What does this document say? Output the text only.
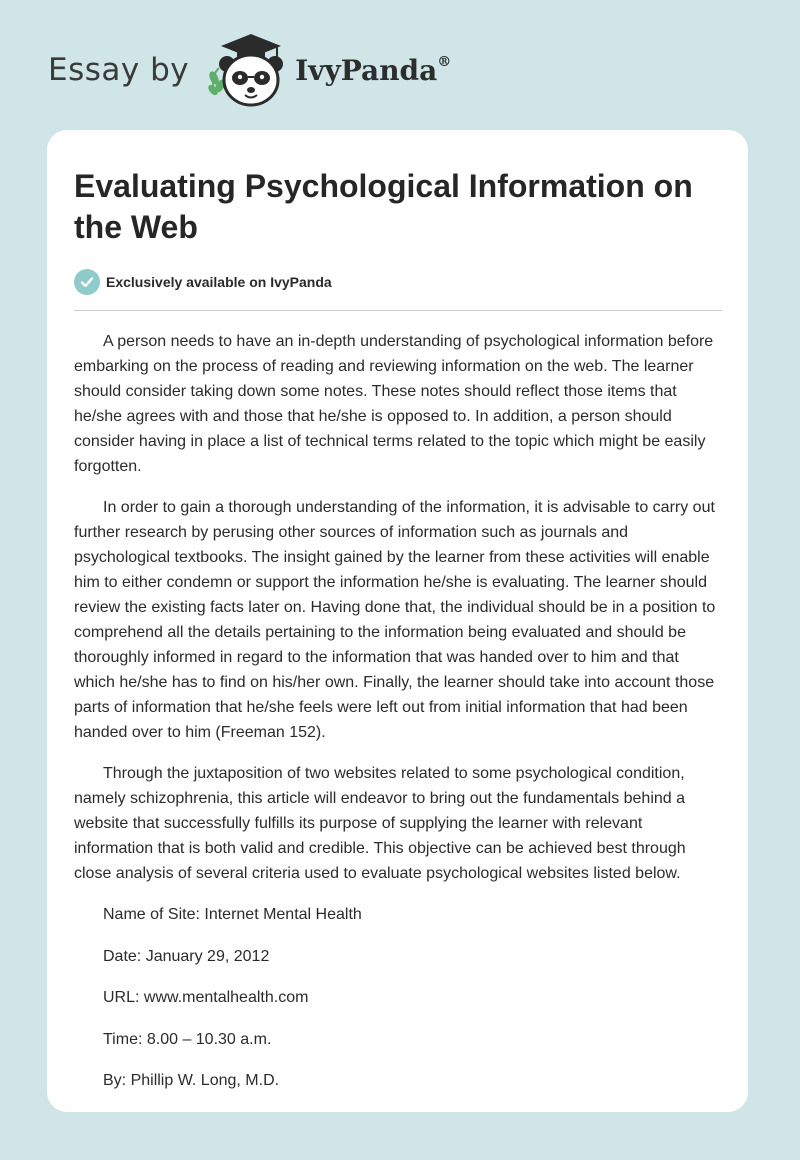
Essay by	IvyPanda®
Evaluating Psychological Information on the Web
Exclusively available on IvyPanda

A person needs to have an in-depth understanding of psychological information before embarking on the process of reading and reviewing information on the web. The learner should consider taking down some notes. These notes should reflect those items that he/she agrees with and those that he/she is opposed to. In addition, a person should consider having in place a list of technical terms related to the topic which might be easily forgotten.

In order to gain a thorough understanding of the information, it is advisable to carry out further research by perusing other sources of information such as journals and psychological textbooks. The insight gained by the learner from these activities will enable him to either condemn or support the information he/she is evaluating. The learner should review the existing facts later on. Having done that, the individual should be in a position to comprehend all the details pertaining to the information being evaluated and should be thoroughly informed in regard to the information that was handed over to him and that which he/she has to find on his/her own. Finally, the learner should take into account those parts of information that he/she feels were left out from initial information that had been handed over to him (Freeman 152).

Through the juxtaposition of two websites related to some psychological condition, namely schizophrenia, this article will endeavor to bring out the fundamentals behind a website that successfully fulfills its purpose of supplying the learner with relevant information that is both valid and credible. This objective can be achieved best through close analysis of several criteria used to evaluate psychological websites listed below.

Name of Site: Internet Mental Health

Date: January 29, 2012

URL: www.mentalhealth.com

Time: 8.00 – 10.30 a.m.

By: Phillip W. Long, M.D.
